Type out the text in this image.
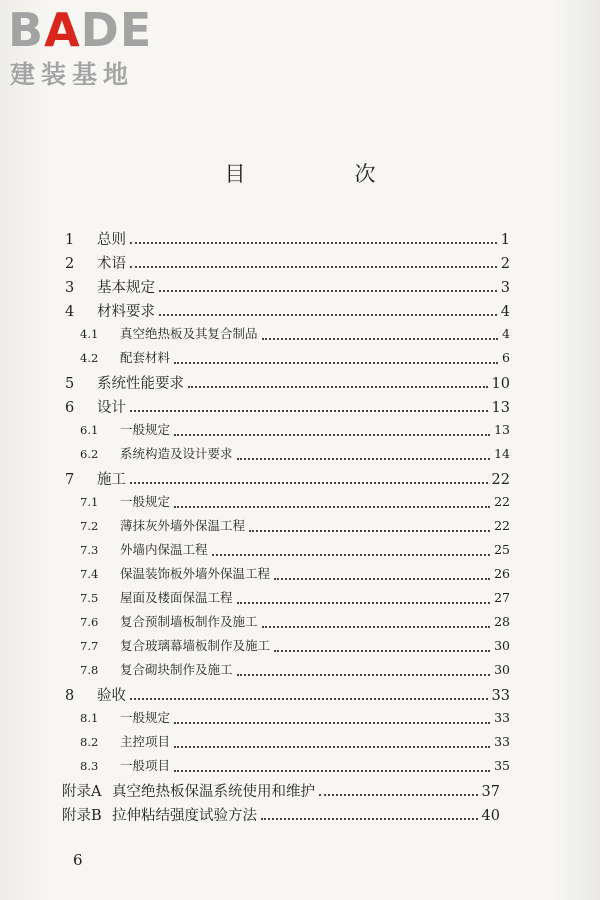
BADE
建装基地
目　次
1	总则	1
2	术语	2
3	基本规定	3
4	材料要求	4
4.1	真空绝热板及其复合制品	4
4.2	配套材料	6
5	系统性能要求	10
6	设计	13
6.1	一般规定	13
6.2	系统构造及设计要求	14
7	施工	22
7.1	一般规定	22
7.2	薄抹灰外墙外保温工程	22
7.3	外墙内保温工程	25
7.4	保温装饰板外墙外保温工程	26
7.5	屋面及楼面保温工程	27
7.6	复合预制墙板制作及施工	28
7.7	复合玻璃幕墙板制作及施工	30
7.8	复合砌块制作及施工	30
8	验收	33
8.1	一般规定	33
8.2	主控项目	33
8.3	一般项目	35
附录A 真空绝热板保温系统使用和维护	37
附录B 拉伸粘结强度试验方法	40
6
